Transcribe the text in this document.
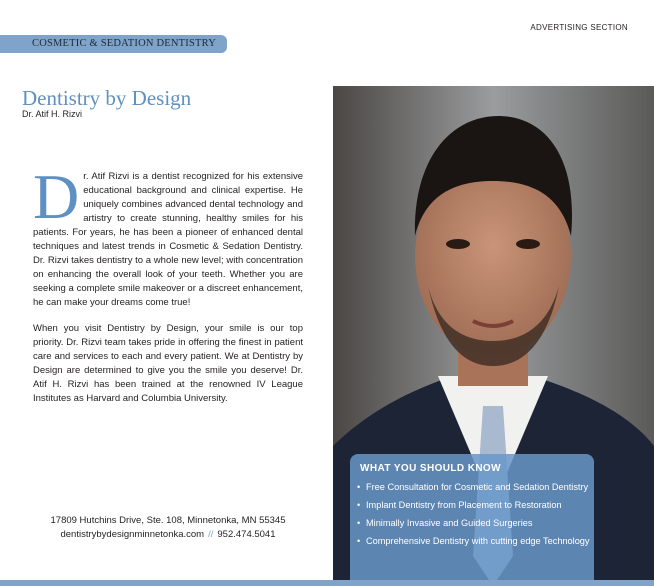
ADVERTISING SECTION
COSMETIC & SEDATION DENTISTRY
Dentistry by Design
Dr. Atif H. Rizvi

Dr. Atif Rizvi is a dentist recognized for his extensive educational background and clinical expertise. He uniquely combines advanced dental technology and artistry to create stunning, healthy smiles for his patients. For years, he has been a pioneer of enhanced dental techniques and latest trends in Cosmetic & Sedation Dentistry. Dr. Rizvi takes dentistry to a whole new level; with concentration on enhancing the overall look of your teeth. Whether you are seeking a complete smile makeover or a discreet enhancement, he can make your dreams come true!

When you visit Dentistry by Design, your smile is our top priority. Dr. Rizvi team takes pride in offering the finest in patient care and services to each and every patient. We at Dentistry by Design are determined to give you the smile you deserve! Dr. Atif H. Rizvi has been trained at the renowned IV League Institutes as Harvard and Columbia University.

17809 Hutchins Drive, Ste. 108, Minnetonka, MN 55345
dentistrybydesignminnetonka.com // 952.474.5041
WHAT YOU SHOULD KNOW
• Free Consultation for Cosmetic and Sedation Dentistry
• Implant Dentistry from Placement to Restoration
• Minimally Invasive and Guided Surgeries
• Comprehensive Dentistry with cutting edge Technology
